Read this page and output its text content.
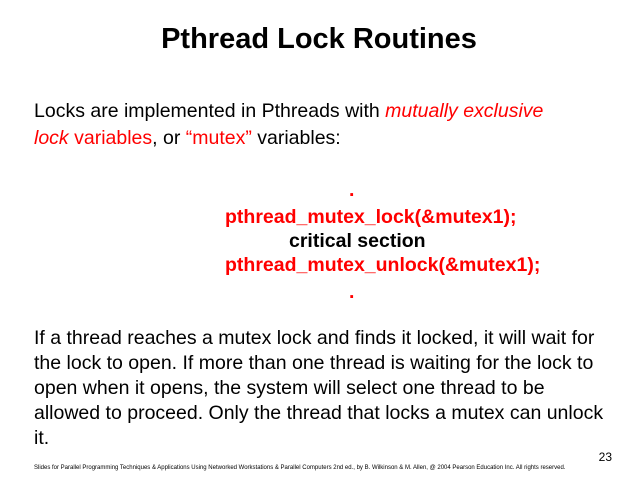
Pthread Lock Routines
Locks are implemented in Pthreads with mutually exclusive
lock variables, or “mutex” variables:
.
pthread_mutex_lock(&mutex1);
critical section
pthread_mutex_unlock(&mutex1);
.
If a thread reaches a mutex lock and finds it locked, it will wait for the lock to open. If more than one thread is waiting for the lock to open when it opens, the system will select one thread to be allowed to proceed. Only the thread that locks a mutex can unlock it.
23
Slides for Parallel Programming Techniques & Applications Using Networked Workstations & Parallel Computers 2nd ed., by B. Wilkinson & M. Allen, @ 2004 Pearson Education Inc. All rights reserved.
